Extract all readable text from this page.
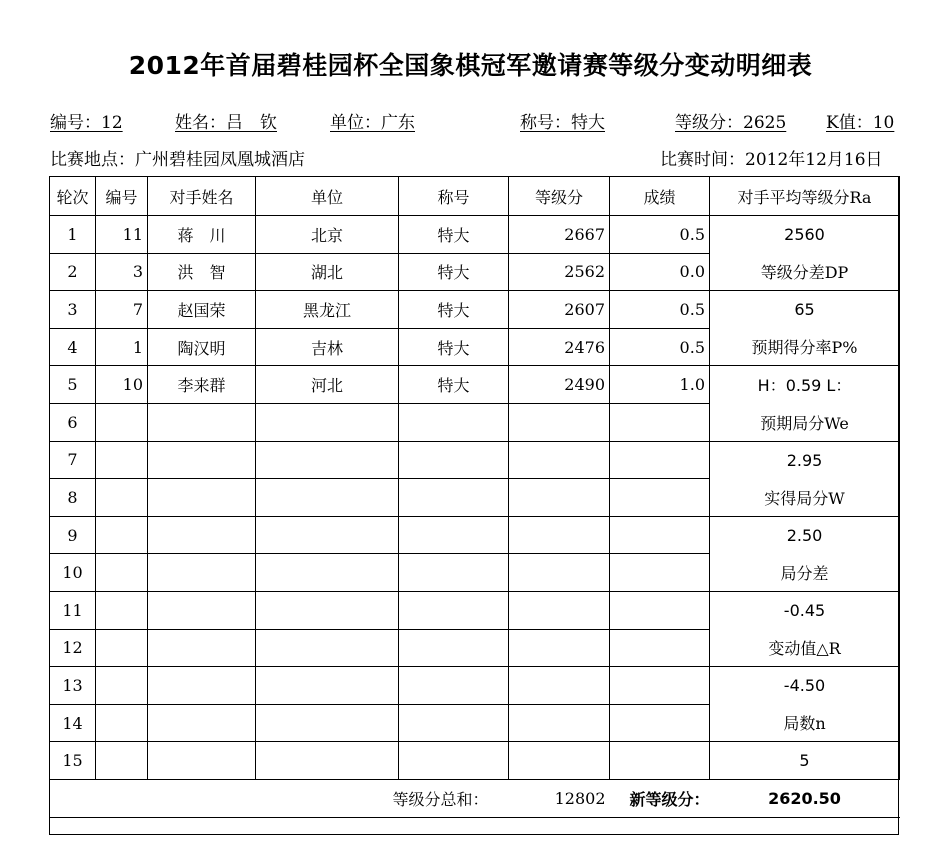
2012年首届碧桂园杯全国象棋冠军邀请赛等级分变动明细表
编号：12	姓名：吕　钦	单位：广东	称号：特大	等级分：2625 K值：10
比赛地点：广州碧桂园凤凰城酒店	比赛时间：2012年12月16日
轮次	编号	对手姓名	单位	称号	等级分	成绩	对手平均等级分Ra
1	11	蒋　川	北京	特大	2667	0.5	2560
2	3	洪　智	湖北	特大	2562	0.0	等级分差DP
3	7	赵国荣	黑龙江	特大	2607	0.5	65
4	1	陶汉明	吉林	特大	2476	0.5	预期得分率P%
5	10	李来群	河北	特大	2490	1.0	H：0.59 L：
6							预期局分We
7							2.95
8							实得局分W
9							2.50
10							局分差
11							-0.45
12							变动值△R
13							-4.50
14							局数n
15							5
等级分总和：					12802	新等级分：	2620.50
